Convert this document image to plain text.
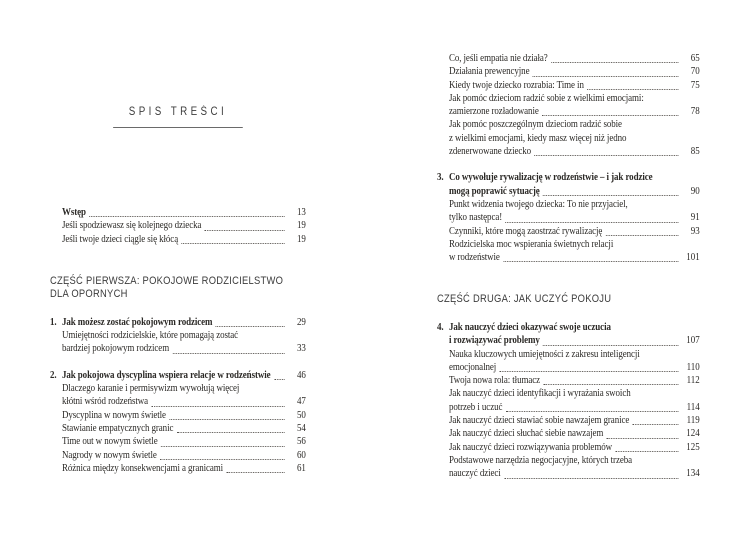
SPIS TREŚCI
Wstęp	13
Jeśli spodziewasz się kolejnego dziecka	19
Jeśli twoje dzieci ciągle się kłócą	19
CZĘŚĆ PIERWSZA: POKOJOWE RODZICIELSTWO
DLA OPORNYCH
1. Jak możesz zostać pokojowym rodzicem	29
Umiejętności rodzicielskie, które pomagają zostać
bardziej pokojowym rodzicem	33
2. Jak pokojowa dyscyplina wspiera relacje w rodzeństwie	46
Dlaczego karanie i permisywizm wywołują więcej
kłótni wśród rodzeństwa	47
Dyscyplina w nowym świetle	50
Stawianie empatycznych granic	54
Time out w nowym świetle	56
Nagrody w nowym świetle	60
Różnica między konsekwencjami a granicami	61
Co, jeśli empatia nie działa?	65
Działania prewencyjne	70
Kiedy twoje dziecko rozrabia: Time in	75
Jak pomóc dzieciom radzić sobie z wielkimi emocjami:
zamierzone rozładowanie	78
Jak pomóc poszczególnym dzieciom radzić sobie
z wielkimi emocjami, kiedy masz więcej niż jedno
zdenerwowane dziecko	85
3. Co wywołuje rywalizację w rodzeństwie – i jak rodzice
mogą poprawić sytuację	90
Punkt widzenia twojego dziecka: To nie przyjaciel,
tylko następca!	91
Czynniki, które mogą zaostrzać rywalizację	93
Rodzicielska moc wspierania świetnych relacji
w rodzeństwie	101
CZĘŚĆ DRUGA: JAK UCZYĆ POKOJU
4. Jak nauczyć dzieci okazywać swoje uczucia
i rozwiązywać problemy	107
Nauka kluczowych umiejętności z zakresu inteligencji
emocjonalnej	110
Twoja nowa rola: tłumacz	112
Jak nauczyć dzieci identyfikacji i wyrażania swoich
potrzeb i uczuć	114
Jak nauczyć dzieci stawiać sobie nawzajem granice	119
Jak nauczyć dzieci słuchać siebie nawzajem	124
Jak nauczyć dzieci rozwiązywania problemów	125
Podstawowe narzędzia negocjacyjne, których trzeba
nauczyć dzieci	134
